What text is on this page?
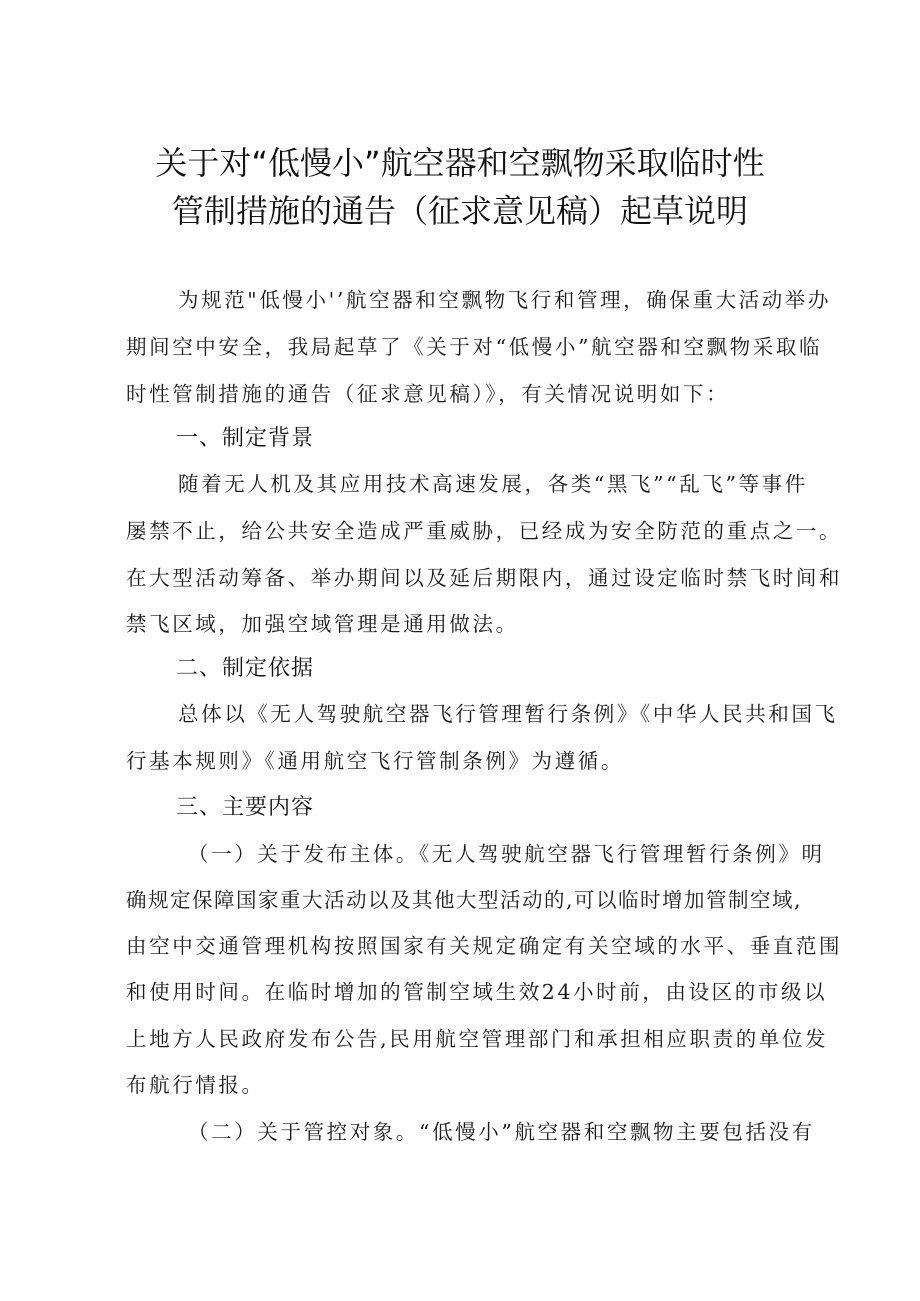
关于对“低慢小”航空器和空飘物采取临时性
管制措施的通告（征求意见稿）起草说明
为规范"低慢小'’航空器和空飘物飞行和管理，确保重大活动举办
期间空中安全，我局起草了《关于对“低慢小”航空器和空飘物采取临
时性管制措施的通告（征求意见稿）》，有关情况说明如下：
一、制定背景
随着无人机及其应用技术高速发展，各类“黑飞”“乱飞”等事件
屡禁不止，给公共安全造成严重威胁，已经成为安全防范的重点之一。
在大型活动筹备、举办期间以及延后期限内，通过设定临时禁飞时间和
禁飞区域，加强空域管理是通用做法。
二、制定依据
总体以《无人驾驶航空器飞行管理暂行条例》《中华人民共和国飞
行基本规则》《通用航空飞行管制条例》为遵循。
三、主要内容
（一）关于发布主体。《无人驾驶航空器飞行管理暂行条例》明
确规定保障国家重大活动以及其他大型活动的,可以临时增加管制空域,
由空中交通管理机构按照国家有关规定确定有关空域的水平、垂直范围
和使用时间。在临时增加的管制空域生效24小时前，由设区的市级以
上地方人民政府发布公告,民用航空管理部门和承担相应职责的单位发
布航行情报。
（二）关于管控对象。“低慢小”航空器和空飘物主要包括没有
